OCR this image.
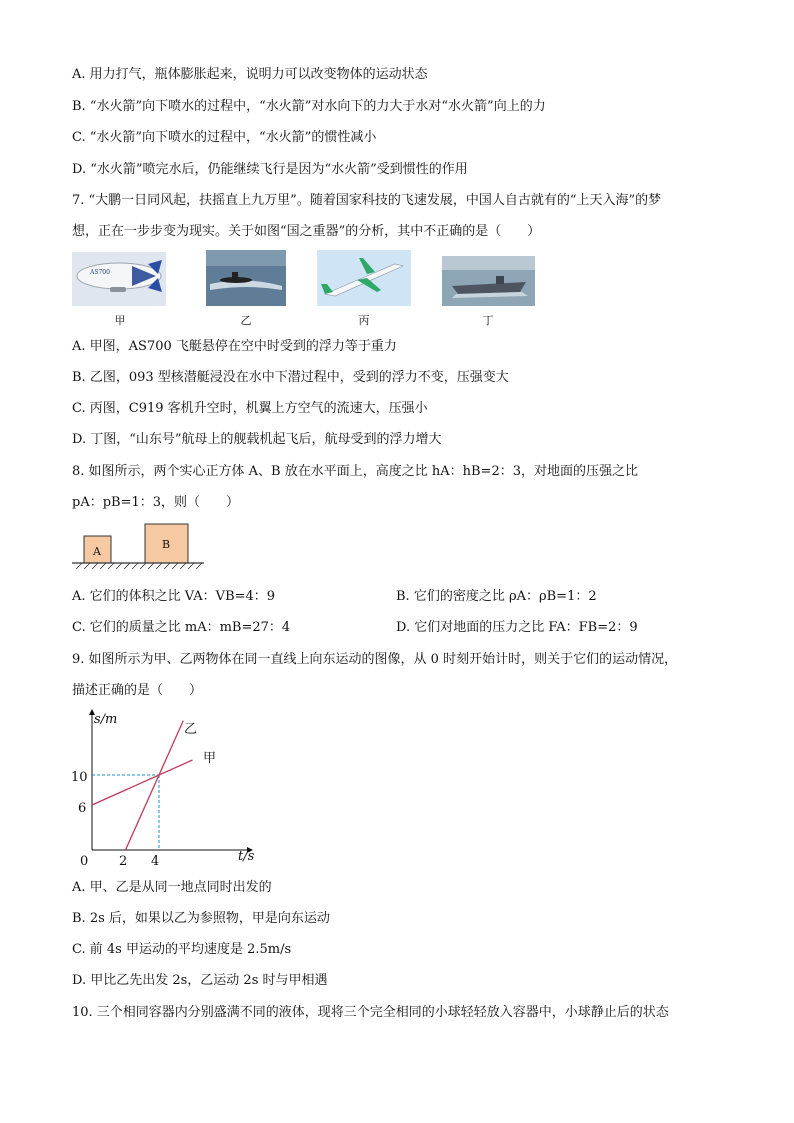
A. 用力打气，瓶体膨胀起来，说明力可以改变物体的运动状态
B. “水火箭”向下喷水的过程中，“水火箭”对水向下的力大于水对“水火箭”向上的力
C. “水火箭”向下喷水的过程中，“水火箭”的惯性减小
D. “水火箭”喷完水后，仍能继续飞行是因为“水火箭”受到惯性的作用
7. “大鹏一日同风起，扶摇直上九万里”。随着国家科技的飞速发展，中国人自古就有的“上天入海”的梦
想，正在一步步变为现实。关于如图“国之重器”的分析，其中不正确的是（　　）
AS700
甲	乙	丙	丁
A. 甲图，AS700 飞艇悬停在空中时受到的浮力等于重力
B. 乙图，093 型核潜艇浸没在水中下潜过程中，受到的浮力不变，压强变大
C. 丙图，C919 客机升空时，机翼上方空气的流速大，压强小
D. 丁图，“山东号”航母上的舰载机起飞后，航母受到的浮力增大
8. 如图所示，两个实心正方体 A、B 放在水平面上，高度之比 hA：hB=2：3，对地面的压强之比
pA：pB=1：3，则（　　）
A
B
A. 它们的体积之比 VA：VB=4：9	B. 它们的密度之比 ρA：ρB=1：2
C. 它们的质量之比 mA：mB=27：4	D. 它们对地面的压力之比 FA：FB=2：9
9. 如图所示为甲、乙两物体在同一直线上向东运动的图像，从 0 时刻开始计时，则关于它们的运动情况，
描述正确的是（　　）
s/m
t/s
0 2 4
6
10
乙
甲
A. 甲、乙是从同一地点同时出发的
B. 2s 后，如果以乙为参照物，甲是向东运动
C. 前 4s 甲运动的平均速度是 2.5m/s
D. 甲比乙先出发 2s，乙运动 2s 时与甲相遇
10. 三个相同容器内分别盛满不同的液体，现将三个完全相同的小球轻轻放入容器中，小球静止后的状态
